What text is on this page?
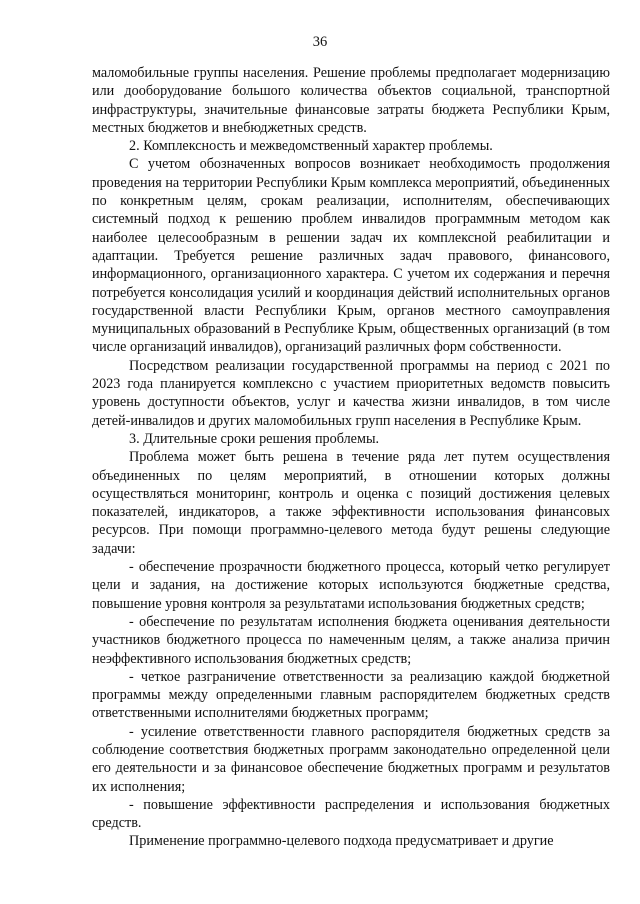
36

маломобильные группы населения. Решение проблемы предполагает модернизацию или дооборудование большого количества объектов социальной, транспортной инфраструктуры, значительные финансовые затраты бюджета Республики Крым, местных бюджетов и внебюджетных средств.

2. Комплексность и межведомственный характер проблемы.

С учетом обозначенных вопросов возникает необходимость продолжения проведения на территории Республики Крым комплекса мероприятий, объединенных по конкретным целям, срокам реализации, исполнителям, обеспечивающих системный подход к решению проблем инвалидов программным методом как наиболее целесообразным в решении задач их комплексной реабилитации и адаптации. Требуется решение различных задач правового, финансового, информационного, организационного характера. С учетом их содержания и перечня потребуется консолидация усилий и координация действий исполнительных органов государственной власти Республики Крым, органов местного самоуправления муниципальных образований в Республике Крым, общественных организаций (в том числе организаций инвалидов), организаций различных форм собственности.

Посредством реализации государственной программы на период с 2021 по 2023 года планируется комплексно с участием приоритетных ведомств повысить уровень доступности объектов, услуг и качества жизни инвалидов, в том числе детей-инвалидов и других маломобильных групп населения в Республике Крым.

3. Длительные сроки решения проблемы.

Проблема может быть решена в течение ряда лет путем осуществления объединенных по целям мероприятий, в отношении которых должны осуществляться мониторинг, контроль и оценка с позиций достижения целевых показателей, индикаторов, а также эффективности использования финансовых ресурсов. При помощи программно-целевого метода будут решены следующие задачи:

- обеспечение прозрачности бюджетного процесса, который четко регулирует цели и задания, на достижение которых используются бюджетные средства, повышение уровня контроля за результатами использования бюджетных средств;

- обеспечение по результатам исполнения бюджета оценивания деятельности участников бюджетного процесса по намеченным целям, а также анализа причин неэффективного использования бюджетных средств;

- четкое разграничение ответственности за реализацию каждой бюджетной программы между определенными главным распорядителем бюджетных средств ответственными исполнителями бюджетных программ;

- усиление ответственности главного распорядителя бюджетных средств за соблюдение соответствия бюджетных программ законодательно определенной цели его деятельности и за финансовое обеспечение бюджетных программ и результатов их исполнения;

- повышение эффективности распределения и использования бюджетных средств.

Применение программно-целевого подхода предусматривает и другие
